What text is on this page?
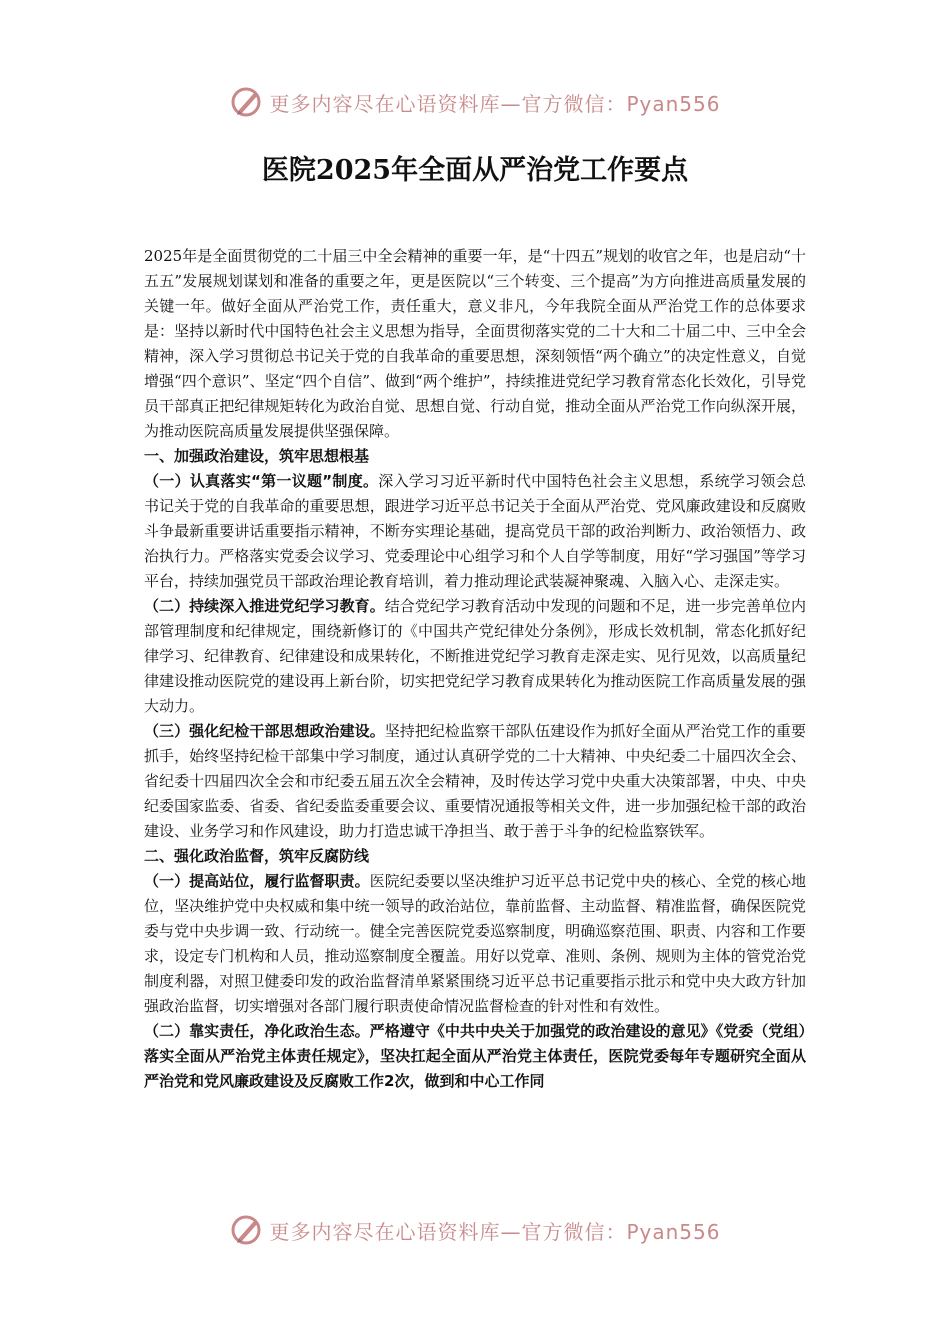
更多内容尽在心语资料库—官方微信：Pyan556
医院2025年全面从严治党工作要点

2025年是全面贯彻党的二十届三中全会精神的重要一年，是“十四五”规划的收官之年，也是启动“十五五”发展规划谋划和准备的重要之年，更是医院以“三个转变、三个提高”为方向推进高质量发展的关键一年。做好全面从严治党工作，责任重大，意义非凡，今年我院全面从严治党工作的总体要求是：坚持以新时代中国特色社会主义思想为指导，全面贯彻落实党的二十大和二十届二中、三中全会精神，深入学习贯彻总书记关于党的自我革命的重要思想，深刻领悟“两个确立”的决定性意义，自觉增强“四个意识”、坚定“四个自信”、做到“两个维护”，持续推进党纪学习教育常态化长效化，引导党员干部真正把纪律规矩转化为政治自觉、思想自觉、行动自觉，推动全面从严治党工作向纵深开展，为推动医院高质量发展提供坚强保障。

一、加强政治建设，筑牢思想根基

（一）认真落实“第一议题”制度。深入学习习近平新时代中国特色社会主义思想，系统学习领会总书记关于党的自我革命的重要思想，跟进学习近平总书记关于全面从严治党、党风廉政建设和反腐败斗争最新重要讲话重要指示精神，不断夯实理论基础，提高党员干部的政治判断力、政治领悟力、政治执行力。严格落实党委会议学习、党委理论中心组学习和个人自学等制度，用好“学习强国”等学习平台，持续加强党员干部政治理论教育培训，着力推动理论武装凝神聚魂、入脑入心、走深走实。

（二）持续深入推进党纪学习教育。结合党纪学习教育活动中发现的问题和不足，进一步完善单位内部管理制度和纪律规定，围绕新修订的《中国共产党纪律处分条例》，形成长效机制，常态化抓好纪律学习、纪律教育、纪律建设和成果转化，不断推进党纪学习教育走深走实、见行见效，以高质量纪律建设推动医院党的建设再上新台阶，切实把党纪学习教育成果转化为推动医院工作高质量发展的强大动力。

（三）强化纪检干部思想政治建设。坚持把纪检监察干部队伍建设作为抓好全面从严治党工作的重要抓手，始终坚持纪检干部集中学习制度，通过认真研学党的二十大精神、中央纪委二十届四次全会、省纪委十四届四次全会和市纪委五届五次全会精神，及时传达学习党中央重大决策部署，中央、中央纪委国家监委、省委、省纪委监委重要会议、重要情况通报等相关文件，进一步加强纪检干部的政治建设、业务学习和作风建设，助力打造忠诚干净担当、敢于善于斗争的纪检监察铁军。

二、强化政治监督，筑牢反腐防线

（一）提高站位，履行监督职责。医院纪委要以坚决维护习近平总书记党中央的核心、全党的核心地位，坚决维护党中央权威和集中统一领导的政治站位，靠前监督、主动监督、精准监督，确保医院党委与党中央步调一致、行动统一。健全完善医院党委巡察制度，明确巡察范围、职责、内容和工作要求，设定专门机构和人员，推动巡察制度全覆盖。用好以党章、准则、条例、规则为主体的管党治党制度利器，对照卫健委印发的政治监督清单紧紧围绕习近平总书记重要指示批示和党中央大政方针加强政治监督，切实增强对各部门履行职责使命情况监督检查的针对性和有效性。

（二）靠实责任，净化政治生态。严格遵守《中共中央关于加强党的政治建设的意见》《党委（党组）落实全面从严治党主体责任规定》，坚决扛起全面从严治党主体责任，医院党委每年专题研究全面从严治党和党风廉政建设及反腐败工作2次，做到和中心工作同

更多内容尽在心语资料库—官方微信：Pyan556
